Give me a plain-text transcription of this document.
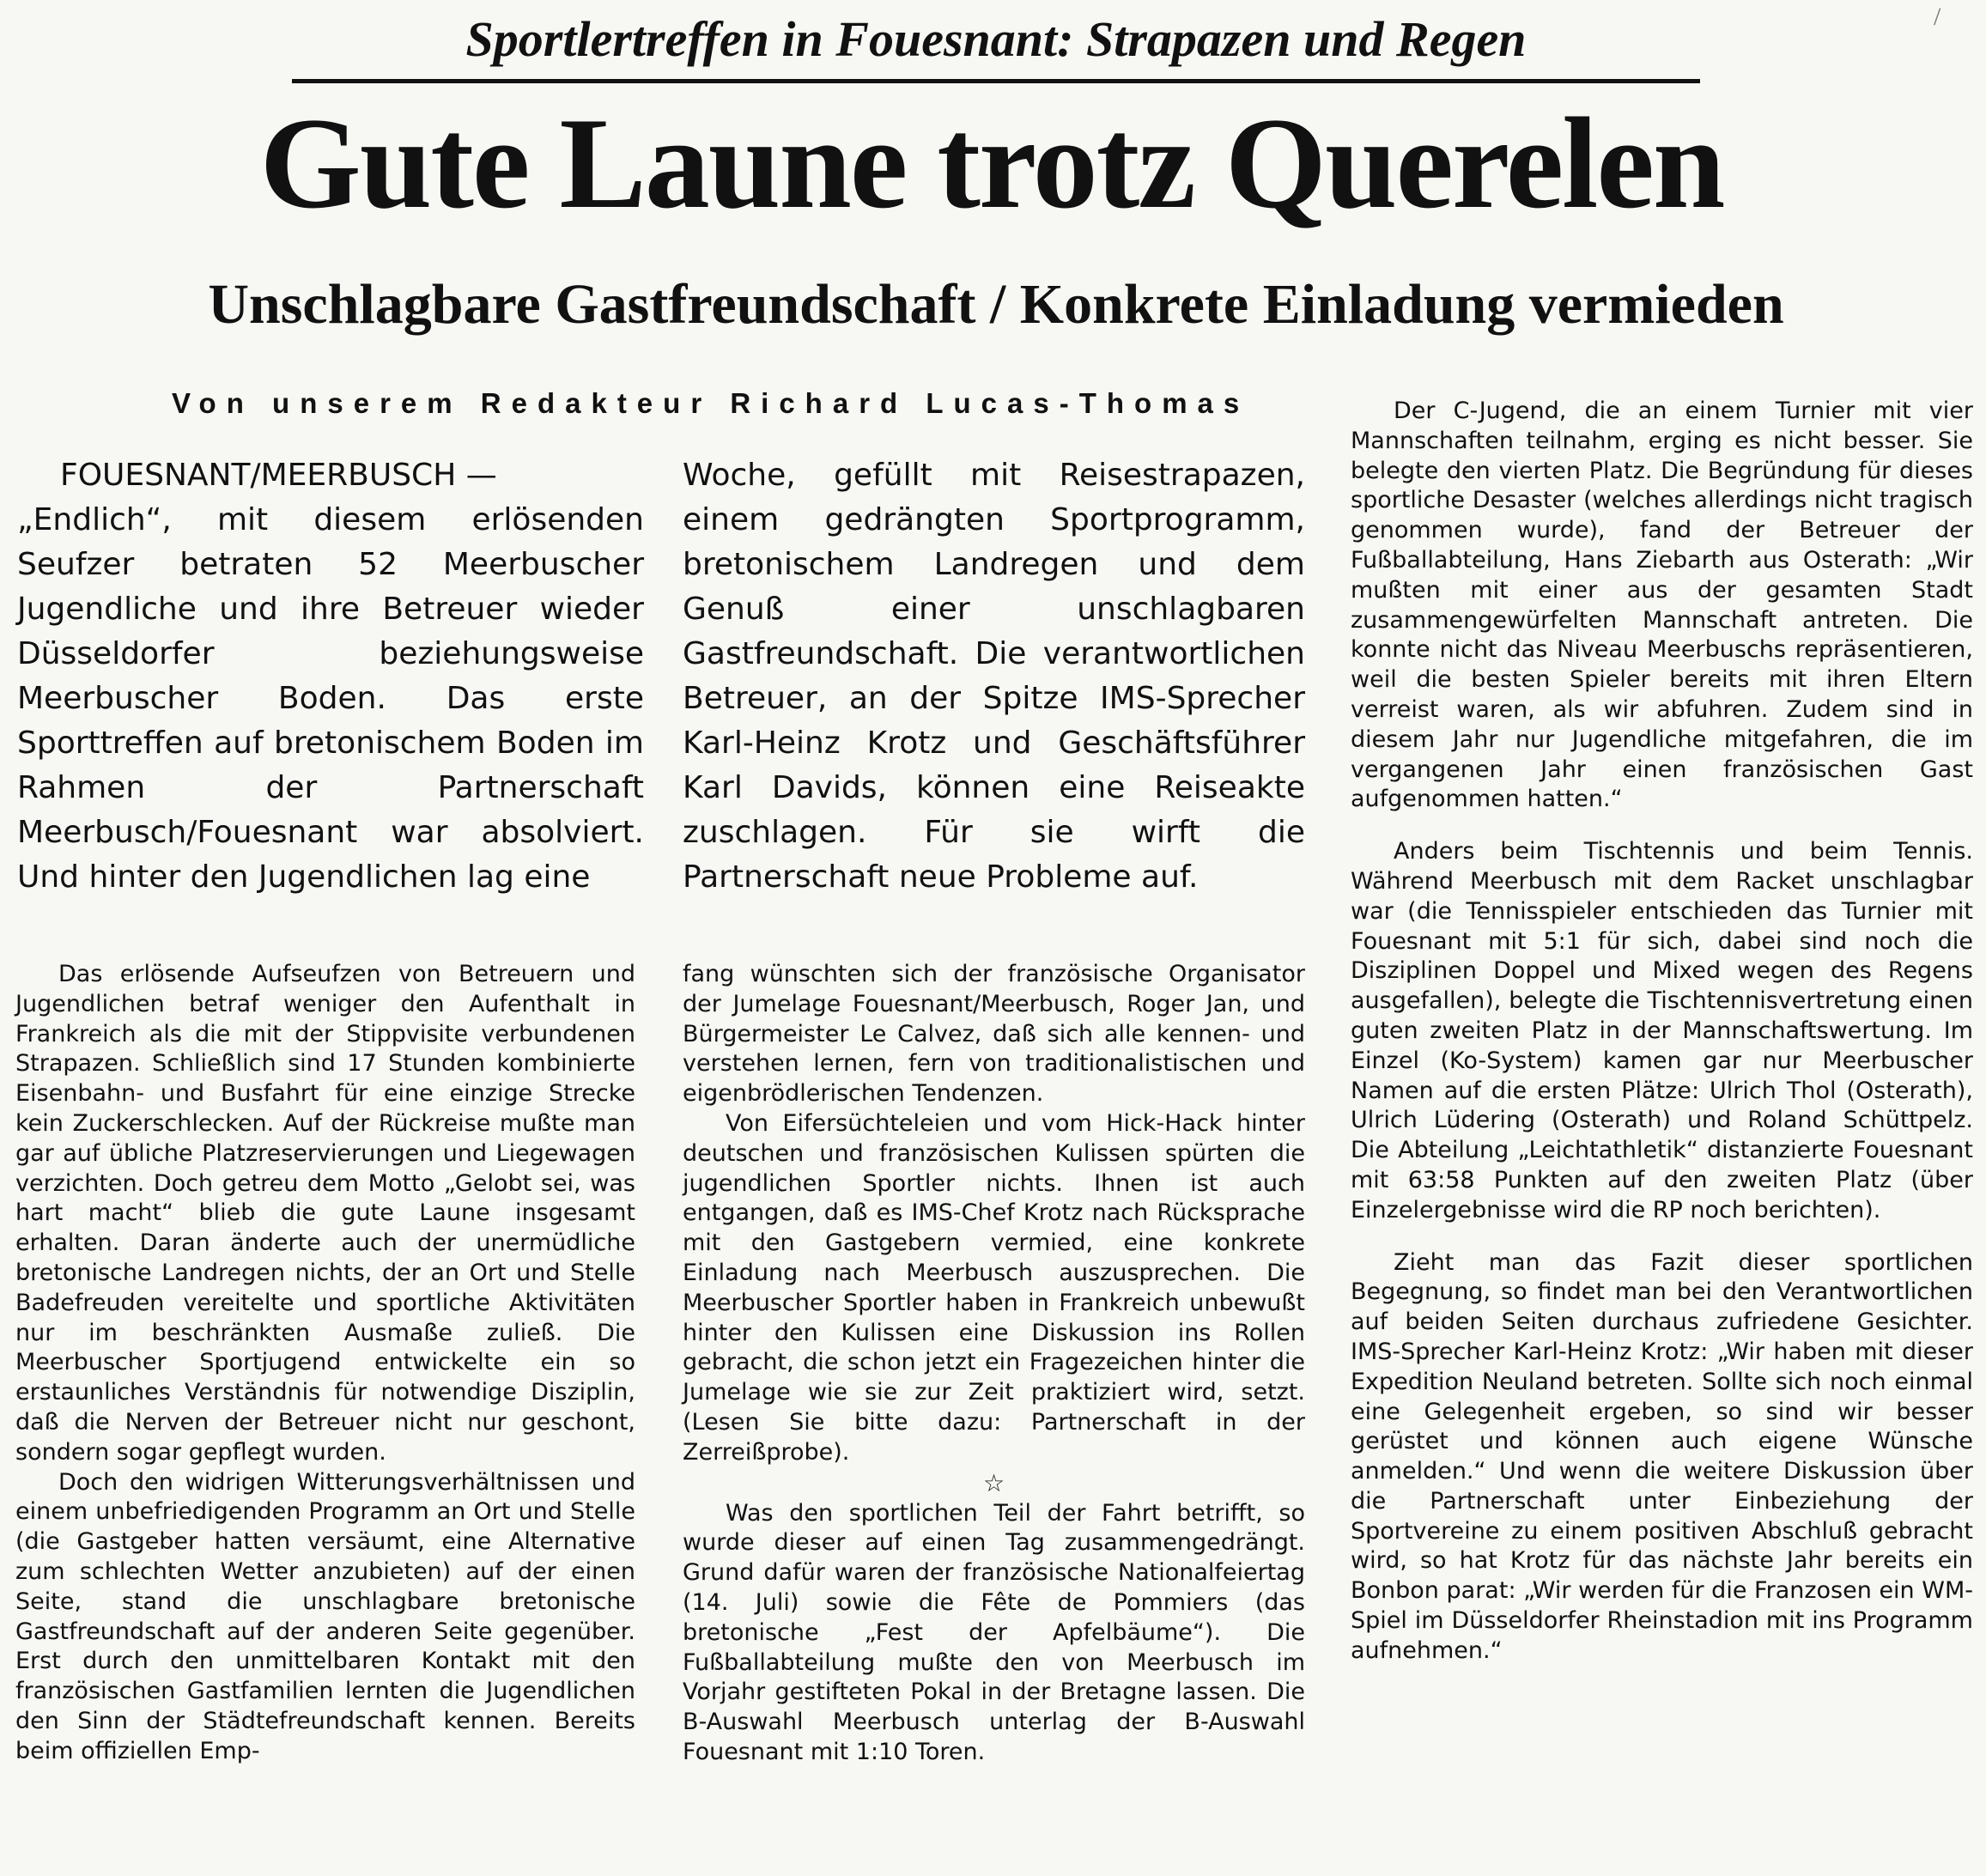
/
Sportlertreffen in Fouesnant: Strapazen und Regen
Gute Laune trotz Querelen
Unschlagbare Gastfreundschaft / Konkrete Einladung vermieden
Von unserem Redakteur Richard Lucas-Thomas

FOUESNANT/MEERBUSCH —

„Endlich“, mit diesem erlösenden Seufzer betraten 52 Meerbuscher Jugendliche und ihre Betreuer wieder Düsseldorfer beziehungsweise Meerbuscher Boden. Das erste Sporttreffen auf bretonischem Boden im Rahmen der Partnerschaft Meerbusch/Fouesnant war absolviert. Und hinter den Jugendlichen lag eine

Woche, gefüllt mit Reisestrapazen, einem gedrängten Sportprogramm, bretonischem Landregen und dem Genuß einer unschlagbaren Gastfreundschaft. Die verantwortlichen Betreuer, an der Spitze IMS-Sprecher Karl-Heinz Krotz und Geschäftsführer Karl Davids, können eine Reiseakte zuschlagen. Für sie wirft die Partnerschaft neue Probleme auf.

Das erlösende Aufseufzen von Betreuern und Jugendlichen betraf weniger den Aufenthalt in Frankreich als die mit der Stippvisite verbundenen Strapazen. Schließlich sind 17 Stunden kombinierte Eisenbahn- und Busfahrt für eine einzige Strecke kein Zuckerschlecken. Auf der Rückreise mußte man gar auf übliche Platzreservierungen und Liegewagen verzichten. Doch getreu dem Motto „Gelobt sei, was hart macht“ blieb die gute Laune insgesamt erhalten. Daran änderte auch der unermüdliche bretonische Landregen nichts, der an Ort und Stelle Badefreuden vereitelte und sportliche Aktivitäten nur im beschränkten Ausmaße zuließ. Die Meerbuscher Sportjugend entwickelte ein so erstaunliches Verständnis für notwendige Disziplin, daß die Nerven der Betreuer nicht nur geschont, sondern sogar gepflegt wurden.

Doch den widrigen Witterungsverhältnissen und einem unbefriedigenden Programm an Ort und Stelle (die Gastgeber hatten versäumt, eine Alternative zum schlechten Wetter anzubieten) auf der einen Seite, stand die unschlagbare bretonische Gastfreundschaft auf der anderen Seite gegenüber. Erst durch den unmittelbaren Kontakt mit den französischen Gastfamilien lernten die Jugendlichen den Sinn der Städtefreundschaft kennen. Bereits beim offiziellen Emp-

fang wünschten sich der französische Organisator der Jumelage Fouesnant/Meerbusch, Roger Jan, und Bürgermeister Le Calvez, daß sich alle kennen- und verstehen lernen, fern von traditionalistischen und eigenbrödlerischen Tendenzen.

Von Eifersüchteleien und vom Hick-Hack hinter deutschen und französischen Kulissen spürten die jugendlichen Sportler nichts. Ihnen ist auch entgangen, daß es IMS-Chef Krotz nach Rücksprache mit den Gastgebern vermied, eine konkrete Einladung nach Meerbusch auszusprechen. Die Meerbuscher Sportler haben in Frankreich unbewußt hinter den Kulissen eine Diskussion ins Rollen gebracht, die schon jetzt ein Fragezeichen hinter die Jumelage wie sie zur Zeit praktiziert wird, setzt. (Lesen Sie bitte dazu: Partnerschaft in der Zerreißprobe).

☆

Was den sportlichen Teil der Fahrt betrifft, so wurde dieser auf einen Tag zusammengedrängt. Grund dafür waren der französische Nationalfeiertag (14. Juli) sowie die Fête de Pommiers (das bretonische „Fest der Apfelbäume“). Die Fußballabteilung mußte den von Meerbusch im Vorjahr gestifteten Pokal in der Bretagne lassen. Die B-Auswahl Meerbusch unterlag der B-Auswahl Fouesnant mit 1:10 Toren.

Der C-Jugend, die an einem Turnier mit vier Mannschaften teilnahm, erging es nicht besser. Sie belegte den vierten Platz. Die Begründung für dieses sportliche Desaster (welches allerdings nicht tragisch genommen wurde), fand der Betreuer der Fußballabteilung, Hans Ziebarth aus Osterath: „Wir mußten mit einer aus der gesamten Stadt zusammengewürfelten Mannschaft antreten. Die konnte nicht das Niveau Meerbuschs repräsentieren, weil die besten Spieler bereits mit ihren Eltern verreist waren, als wir abfuhren. Zudem sind in diesem Jahr nur Jugendliche mitgefahren, die im vergangenen Jahr einen französischen Gast aufgenommen hatten.“

Anders beim Tischtennis und beim Tennis. Während Meerbusch mit dem Racket unschlagbar war (die Tennisspieler entschieden das Turnier mit Fouesnant mit 5:1 für sich, dabei sind noch die Disziplinen Doppel und Mixed wegen des Regens ausgefallen), belegte die Tischtennisvertretung einen guten zweiten Platz in der Mannschaftswertung. Im Einzel (Ko-System) kamen gar nur Meerbuscher Namen auf die ersten Plätze: Ulrich Thol (Osterath), Ulrich Lüdering (Osterath) und Roland Schüttpelz. Die Abteilung „Leichtathletik“ distanzierte Fouesnant mit 63:58 Punkten auf den zweiten Platz (über Einzelergebnisse wird die RP noch berichten).

Zieht man das Fazit dieser sportlichen Begegnung, so findet man bei den Verantwortlichen auf beiden Seiten durchaus zufriedene Gesichter. IMS-Sprecher Karl-Heinz Krotz: „Wir haben mit dieser Expedition Neuland betreten. Sollte sich noch einmal eine Gelegenheit ergeben, so sind wir besser gerüstet und können auch eigene Wünsche anmelden.“ Und wenn die weitere Diskussion über die Partnerschaft unter Einbeziehung der Sportvereine zu einem positiven Abschluß gebracht wird, so hat Krotz für das nächste Jahr bereits ein Bonbon parat: „Wir werden für die Franzosen ein WM-Spiel im Düsseldorfer Rheinstadion mit ins Programm aufnehmen.“
